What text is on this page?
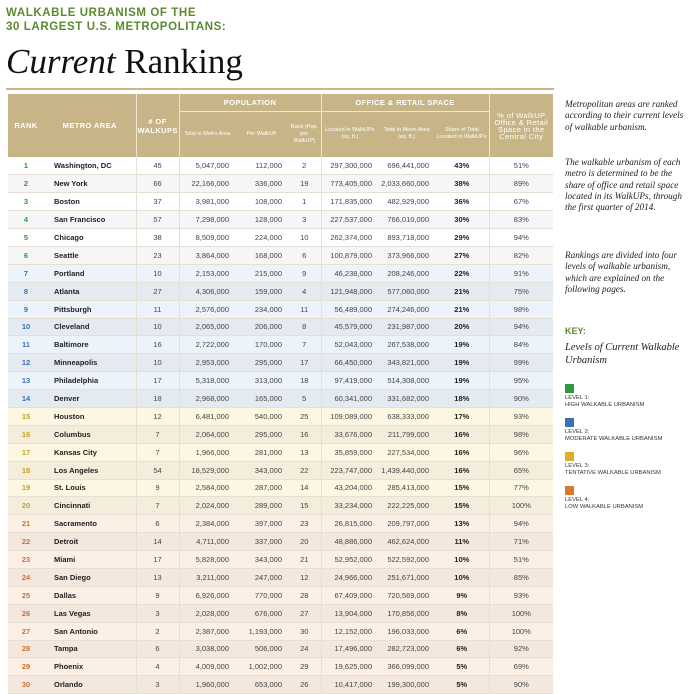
WALKABLE URBANISM OF THE
30 LARGEST U.S. METROPOLITANS:
Current Ranking
RANK	METRO AREA	# OF WALKUPS	POPULATION			OFFICE & RETAIL SPACE			% of WalkUP Office & Retail Space in the Central City
			Total in Metro Area	Per WalkUP	Rank (Pop. per WalkUP)	Located in WalkUPs (sq. ft.)	Total in Metro Area (sq. ft.)	Share of Total Located in WalkUPs	
1	Washington, DC	45	5,047,000	112,000	2	297,300,000	696,441,000	43%	51%
2	New York	66	22,166,000	336,000	19	773,405,000	2,033,660,000	38%	89%
3	Boston	37	3,981,000	108,000	1	171,835,000	482,929,000	36%	67%
4	San Francisco	57	7,298,000	128,000	3	227,537,000	766,010,000	30%	83%
5	Chicago	38	8,509,000	224,000	10	262,374,000	893,718,000	29%	94%
6	Seattle	23	3,864,000	168,000	6	100,879,000	373,966,000	27%	82%
7	Portland	10	2,153,000	215,000	9	46,238,000	208,246,000	22%	91%
8	Atlanta	27	4,306,000	159,000	4	121,948,000	577,060,000	21%	75%
9	Pittsburgh	11	2,576,000	234,000	11	56,489,000	274,246,000	21%	98%
10	Cleveland	10	2,065,000	206,000	8	45,579,000	231,987,000	20%	94%
11	Baltimore	16	2,722,000	170,000	7	52,043,000	267,538,000	19%	84%
12	Minneapolis	10	2,953,000	295,000	17	66,450,000	343,821,000	19%	99%
13	Philadelphia	17	5,318,000	313,000	18	97,419,000	514,308,000	19%	95%
14	Denver	18	2,968,000	165,000	5	60,341,000	331,682,000	18%	90%
15	Houston	12	6,481,000	540,000	25	109,089,000	638,333,000	17%	93%
16	Columbus	7	2,064,000	295,000	16	33,676,000	211,799,000	16%	98%
17	Kansas City	7	1,966,000	281,000	13	35,859,000	227,534,000	16%	96%
18	Los Angeles	54	18,529,000	343,000	22	223,747,000	1,439,440,000	16%	65%
19	St. Louis	9	2,584,000	287,000	14	43,204,000	285,413,000	15%	77%
20	Cincinnati	7	2,024,000	289,000	15	33,234,000	222,225,000	15%	100%
21	Sacramento	6	2,384,000	397,000	23	26,815,000	209,797,000	13%	94%
22	Detroit	14	4,711,000	337,000	20	48,886,000	462,624,000	11%	71%
23	Miami	17	5,828,000	343,000	21	52,952,000	522,592,000	10%	51%
24	San Diego	13	3,211,000	247,000	12	24,966,000	251,671,000	10%	85%
25	Dallas	9	6,926,000	770,000	28	67,409,000	720,569,000	9%	93%
26	Las Vegas	3	2,028,000	676,000	27	13,904,000	170,856,000	8%	100%
27	San Antonio	2	2,387,000	1,193,000	30	12,152,000	196,033,000	6%	100%
28	Tampa	6	3,038,000	506,000	24	17,496,000	282,723,000	6%	92%
29	Phoenix	4	4,009,000	1,002,000	29	19,625,000	366,099,000	5%	69%
30	Orlando	3	1,960,000	653,000	26	10,417,000	199,300,000	5%	90%
Metropolitan areas are ranked according to their current levels of walkable urbanism.
The walkable urbanism of each metro is determined to be the share of office and retail space located in its WalkUPs, through the first quarter of 2014.
Rankings are divided into four levels of walkable urbanism, which are explained on the following pages.
KEY:
Levels of Current Walkable Urbanism
LEVEL 1:
HIGH WALKABLE URBANISM
LEVEL 2:
MODERATE WALKABLE URBANISM
LEVEL 3:
TENTATIVE WALKABLE URBANISM
LEVEL 4:
LOW WALKABLE URBANISM
